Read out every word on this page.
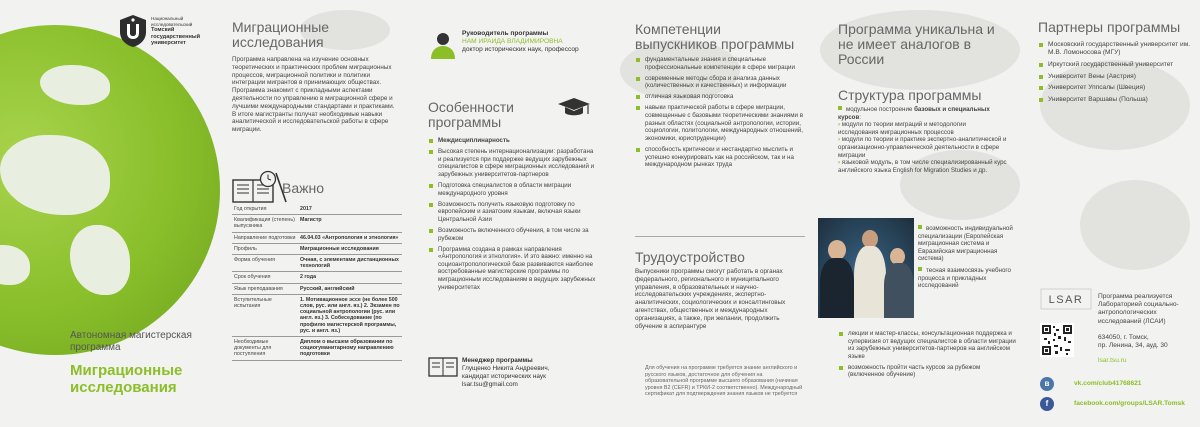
Национальный
исследовательский
Томский государственный университет
Автономная магистерская программа
Миграционные исследования
Миграционные исследования
Программа направлена на изучение основных теоретических и практических проблем миграционных процессов, миграционной политики и политики интеграции мигрантов в принимающих обществах. Программа знакомит с прикладными аспектами деятельности по управлению в миграционной сфере и лучшими международными стандартами и практиками. В итоге магистранты получат необходимые навыки аналитической и исследовательской работы в сфере миграции.
Важно
Год открытия	2017
Квалификация (степень) выпускника	Магистр
Направление подготовки	46.04.03 «Антропология и этнология»
Профиль	Миграционные исследования
Форма обучения	Очная, с элементами дистанционных технологий
Срок обучения	2 года
Язык преподавания	Русский, английский
Вступительные испытания	1. Мотивационное эссе (не более 500 слов, рус. или англ. яз.) 2. Экзамен по социальной антропологии (рус. или англ. яз.) 3. Собеседование (по профилю магистерской программы, рус. и англ. яз.)
Необходимые документы для поступления	Диплом о высшем образовании по социогуманитарному направлению подготовки
Руководитель программы
НАМ ИРАИДА ВЛАДИМИРОВНА
доктор исторических наук, профессор
Особенности программы
Междисциплинарность
Высокая степень интернационализации: разработана и реализуется при поддержке ведущих зарубежных специалистов в сфере миграционных исследований и зарубежных университетов-партнеров
Подготовка специалистов в области миграции международного уровня
Возможность получить языковую подготовку по европейским и азиатским языкам, включая языки Центральной Азии
Возможность включенного обучения, в том числе за рубежом
Программа создана в рамках направления «Антропология и этнология». И это важно: именно на социоантропологической базе развиваются наиболее востребованные магистерские программы по миграционным исследованиям в ведущих зарубежных университетах
Менеджер программы
Глущенко Никита Андреевич,
кандидат исторических наук
lsar.tsu@gmail.com
Компетенции выпускников программы
фундаментальные знания и специальные профессиональные компетенции в сфере миграции
современные методы сбора и анализа данных (количественных и качественных) и информации
отличная языковая подготовка
навыки практической работы в сфере миграции, совмещенные с базовыми теоретическими знаниями в разных областях (социальной антропологии, истории, социологии, политологии, международных отношений, экономики, юриспруденции)
способность критически и нестандартно мыслить и успешно конкурировать как на российском, так и на международном рынках труда
Трудоустройство
Выпускники программы смогут работать в органах федерального, регионального и муниципального управления, в образовательных и научно-исследовательских учреждениях, экспертно-аналитических, социологических и консалтинговых агентствах, общественных и международных организациях, а также, при желании, продолжить обучение в аспирантуре
Для обучения на программе требуется знание английского и русского языков, достаточное для обучения на образовательной программе высшего образования (начиная уровня В2 (CEFR) и ТРКИ-2 соответственно). Международный сертификат для подтверждения знания языков не требуется
Программа уникальна и не имеет аналогов в России
Структура программы
модульное построение базовых и специальных курсов:
› модули по теории миграций и методологии исследования миграционных процессов
› модули по теории и практике экспертно-аналитической и организационно-управленческой деятельности в сфере миграции
› языковой модуль, в том числе специализированный курс английского языка English for Migration Studies и др.
возможность индивидуальной специализации (Европейская миграционная система и Евразийская миграционная система)
тесная взаимосвязь учебного процесса и прикладных исследований
лекции и мастер-классы, консультационная поддержка и супервизия от ведущих специалистов в области миграции из зарубежных университетов-партнеров на английском языке
возможность пройти часть курсов за рубежом (включенное обучение)
Партнеры программы
Московский государственный университет им. М.В. Ломоносова (МГУ)
Иркутский государственный университет
Университет Вены (Австрия)
Университет Уппсалы (Швеция)
Университет Варшавы (Польша)
LSAR Программа реализуется Лабораторией социально-антропологических исследований (ЛСАИ)
634050, г. Томск,
пр. Ленина, 34, ауд. 30
lsar.tsu.ru
в	vk.com/club41768621
f	facebook.com/groups/LSAR.Tomsk
